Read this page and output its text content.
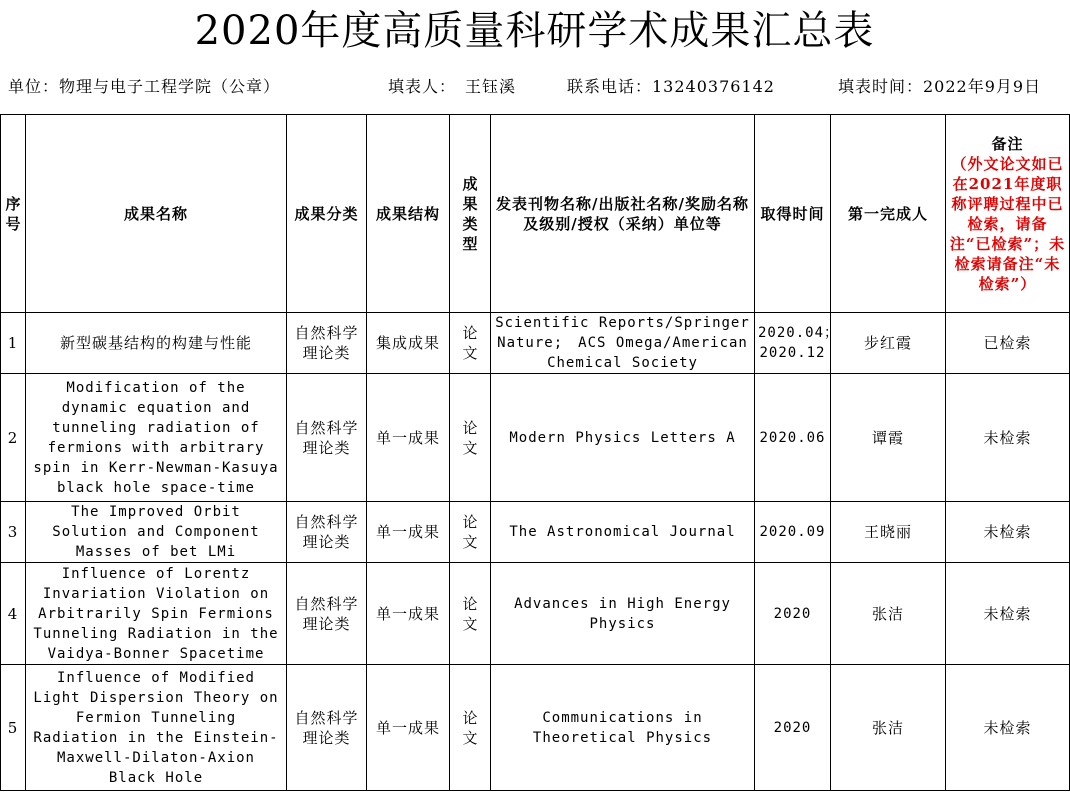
2020年度高质量科研学术成果汇总表
单位：物理与电子工程学院（公章）	填表人：　王钰溪	联系电话：13240376142	填表时间：2022年9月9日
序号	成果名称	成果分类	成果结构	成果类型	发表刊物名称/出版社名称/奖励名称及级别/授权（采纳）单位等	取得时间	第一完成人	备注
（外文论文如已在2021年度职称评聘过程中已检索，请备注“已检索”；未检索请备注“未检索”）
1	新型碳基结构的构建与性能	自然科学理论类	集成成果	论文	Scientific Reports/Springer Nature;　ACS Omega/American Chemical Society	2020.04；2020.12	步红霞	已检索
2	Modification of the dynamic equation and tunneling radiation of fermions with arbitrary spin in Kerr-Newman-Kasuya black hole space-time	自然科学理论类	单一成果	论文	Modern Physics Letters A	2020.06	谭霞	未检索
3	The Improved Orbit Solution and Component Masses of bet LMi	自然科学理论类	单一成果	论文	The Astronomical Journal	2020.09	王晓丽	未检索
4	Influence of Lorentz Invariation Violation on Arbitrarily Spin Fermions Tunneling Radiation in the Vaidya-Bonner Spacetime	自然科学理论类	单一成果	论文	Advances in High Energy Physics	2020	张洁	未检索
5	Influence of Modified Light Dispersion Theory on Fermion Tunneling Radiation in the Einstein-Maxwell-Dilaton-Axion Black Hole	自然科学理论类	单一成果	论文	Communications in Theoretical Physics	2020	张洁	未检索
